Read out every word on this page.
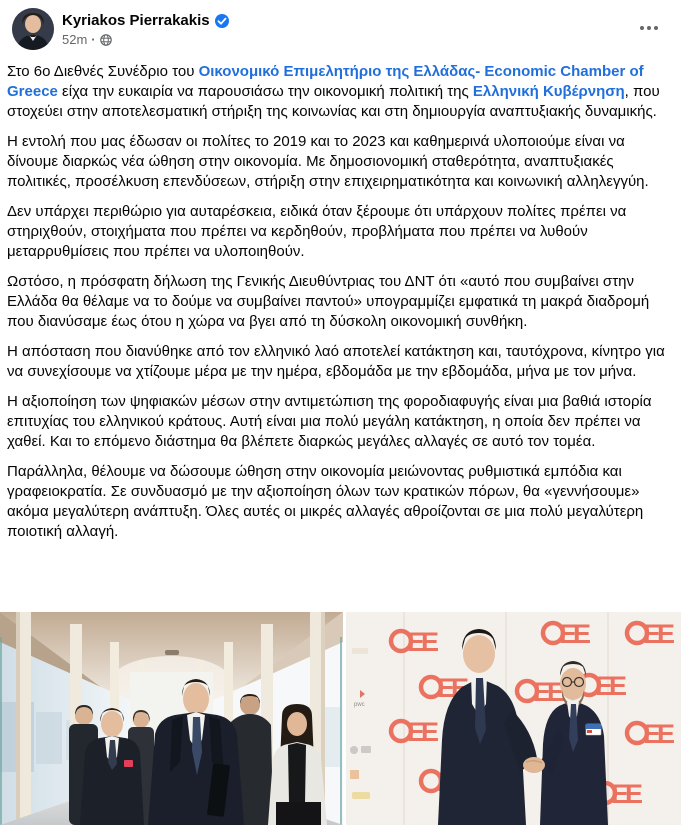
Kyriakos Pierrakakis
52m ·

Στο 6ο Διεθνές Συνέδριο του Οικονομικό Επιμελητήριο της Ελλάδας- Economic Chamber of Greece είχα την ευκαιρία να παρουσιάσω την οικονομική πολιτική της Ελληνική Κυβέρνηση, που στοχεύει στην αποτελεσματική στήριξη της κοινωνίας και στη δημιουργία αναπτυξιακής δυναμικής.

Η εντολή που μας έδωσαν οι πολίτες το 2019 και το 2023 και καθημερινά υλοποιούμε είναι να δίνουμε διαρκώς νέα ώθηση στην οικονομία. Με δημοσιονομική σταθερότητα, αναπτυξιακές πολιτικές, προσέλκυση επενδύσεων, στήριξη στην επιχειρηματικότητα και κοινωνική αλληλεγγύη.

Δεν υπάρχει περιθώριο για αυταρέσκεια, ειδικά όταν ξέρουμε ότι υπάρχουν πολίτες πρέπει να στηριχθούν, στοιχήματα που πρέπει να κερδηθούν, προβλήματα που πρέπει να λυθούν μεταρρυθμίσεις που πρέπει να υλοποιηθούν.

Ωστόσο, η πρόσφατη δήλωση της Γενικής Διευθύντριας του ΔΝΤ ότι «αυτό που συμβαίνει στην Ελλάδα θα θέλαμε να το δούμε να συμβαίνει παντού» υπογραμμίζει εμφατικά τη μακρά διαδρομή που διανύσαμε έως ότου η χώρα να βγει από τη δύσκολη οικονομική συνθήκη.

Η απόσταση που διανύθηκε από τον ελληνικό λαό αποτελεί κατάκτηση και, ταυτόχρονα, κίνητρο για να συνεχίσουμε να χτίζουμε μέρα με την ημέρα, εβδομάδα με την εβδομάδα, μήνα με τον μήνα.

Η αξιοποίηση των ψηφιακών μέσων στην αντιμετώπιση της φοροδιαφυγής είναι μια βαθιά ιστορία επιτυχίας του ελληνικού κράτους. Αυτή είναι μια πολύ μεγάλη κατάκτηση, η οποία δεν πρέπει να χαθεί. Και το επόμενο διάστημα θα βλέπετε διαρκώς μεγάλες αλλαγές σε αυτό τον τομέα.

Παράλληλα, θέλουμε να δώσουμε ώθηση στην οικονομία μειώνοντας ρυθμιστικά εμπόδια και γραφειοκρατία. Σε συνδυασμό με την αξιοποίηση όλων των κρατικών πόρων, θα «γεννήσουμε» ακόμα μεγαλύτερη ανάπτυξη. Όλες αυτές οι μικρές αλλαγές αθροίζονται σε μια πολύ μεγαλύτερη ποιοτική αλλαγή.

pwc
